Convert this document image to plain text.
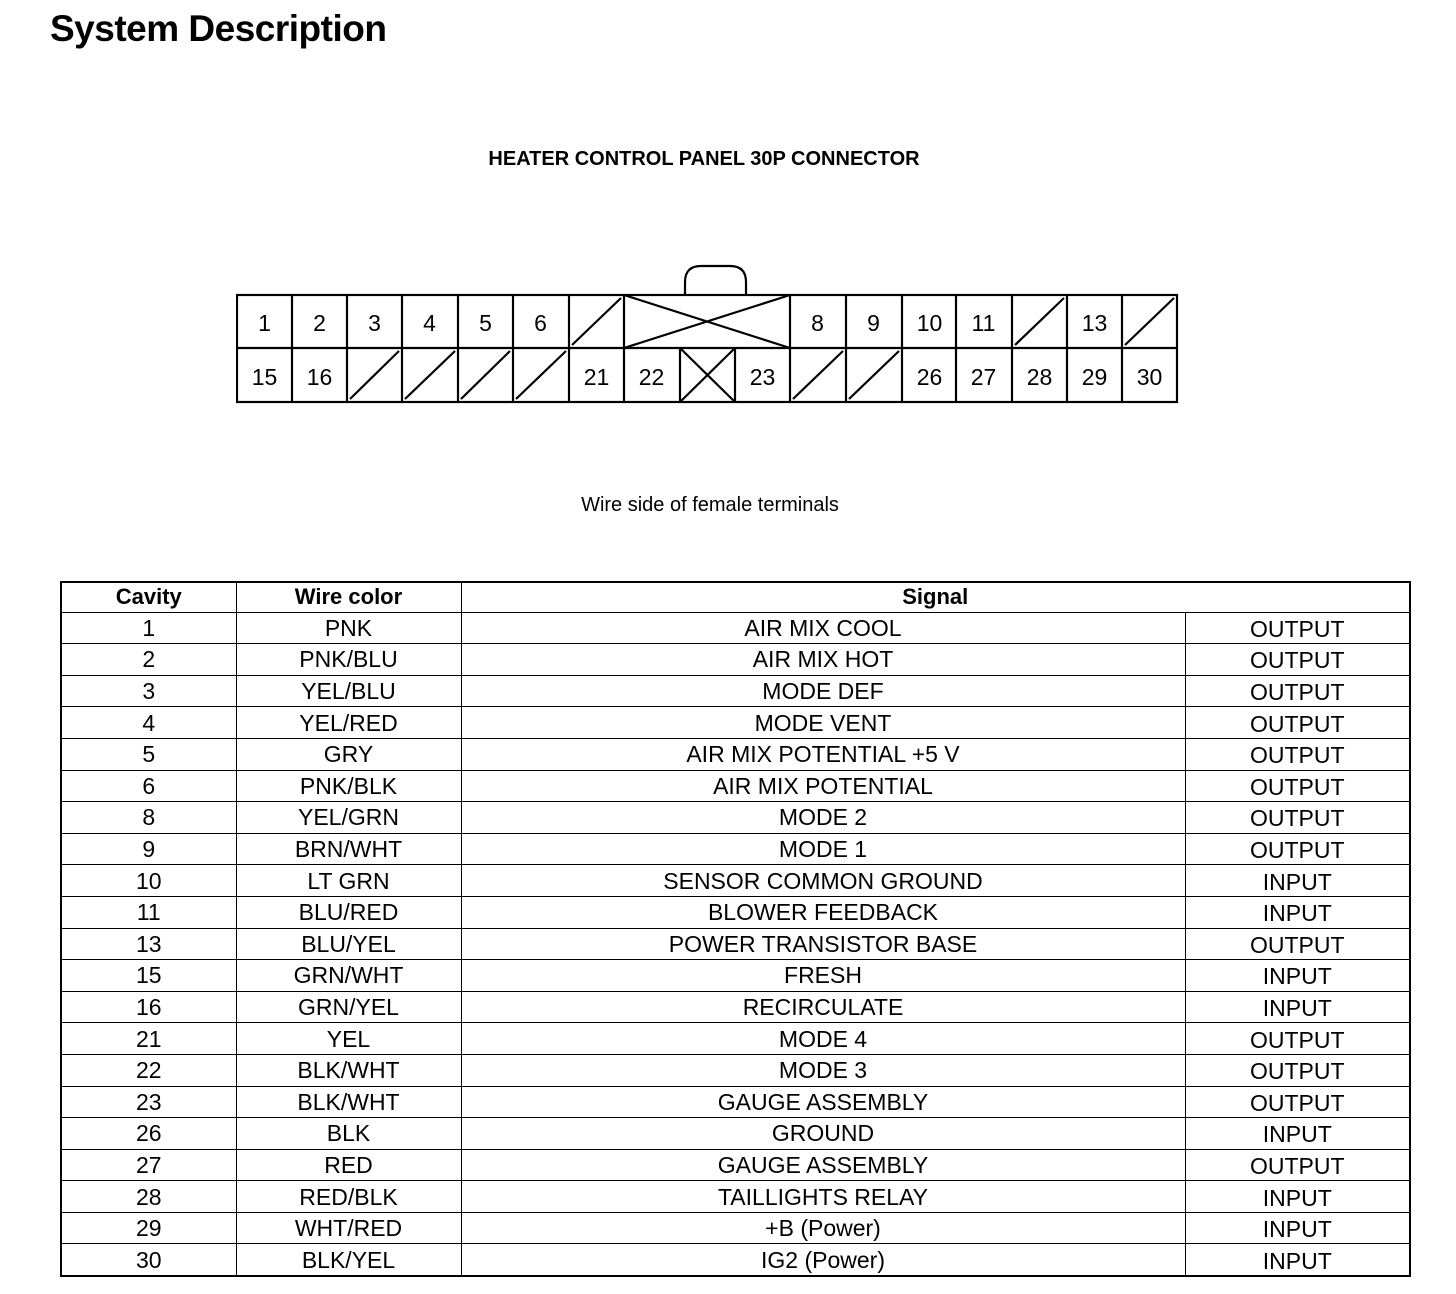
System Description
HEATER CONTROL PANEL 30P CONNECTOR
1	2	3	4	5	6	8	9	10	11	13
15	16	21	22	23	26	27	28	29	30
Wire side of female terminals
Cavity	Wire color	Signal	
1	PNK	AIR MIX COOL	OUTPUT
2	PNK/BLU	AIR MIX HOT	OUTPUT
3	YEL/BLU	MODE DEF	OUTPUT
4	YEL/RED	MODE VENT	OUTPUT
5	GRY	AIR MIX POTENTIAL +5 V	OUTPUT
6	PNK/BLK	AIR MIX POTENTIAL	OUTPUT
8	YEL/GRN	MODE 2	OUTPUT
9	BRN/WHT	MODE 1	OUTPUT
10	LT GRN	SENSOR COMMON GROUND	INPUT
11	BLU/RED	BLOWER FEEDBACK	INPUT
13	BLU/YEL	POWER TRANSISTOR BASE	OUTPUT
15	GRN/WHT	FRESH	INPUT
16	GRN/YEL	RECIRCULATE	INPUT
21	YEL	MODE 4	OUTPUT
22	BLK/WHT	MODE 3	OUTPUT
23	BLK/WHT	GAUGE ASSEMBLY	OUTPUT
26	BLK	GROUND	INPUT
27	RED	GAUGE ASSEMBLY	OUTPUT
28	RED/BLK	TAILLIGHTS RELAY	INPUT
29	WHT/RED	+B (Power)	INPUT
30	BLK/YEL	IG2 (Power)	INPUT
